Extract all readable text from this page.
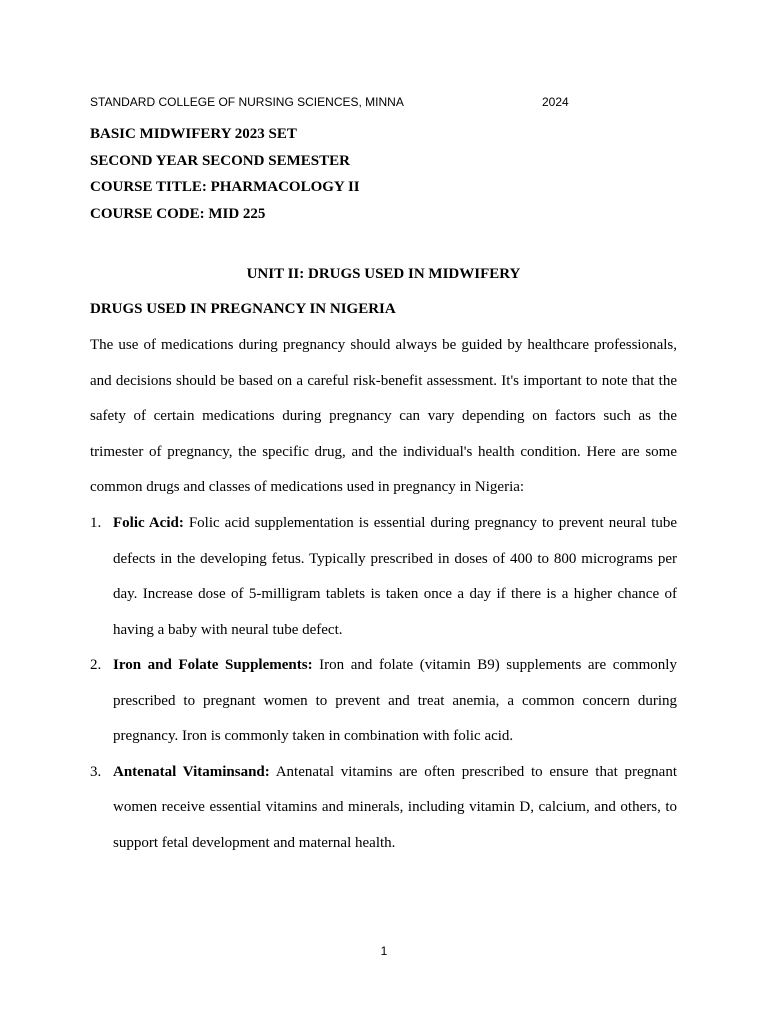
STANDARD COLLEGE OF NURSING SCIENCES, MINNA	2024
BASIC MIDWIFERY 2023 SET
SECOND YEAR SECOND SEMESTER
COURSE TITLE: PHARMACOLOGY II
COURSE CODE: MID 225
UNIT II: DRUGS USED IN MIDWIFERY
DRUGS USED IN PREGNANCY IN NIGERIA

The use of medications during pregnancy should always be guided by healthcare professionals, and decisions should be based on a careful risk-benefit assessment. It's important to note that the safety of certain medications during pregnancy can vary depending on factors such as the trimester of pregnancy, the specific drug, and the individual's health condition. Here are some common drugs and classes of medications used in pregnancy in Nigeria:

1. Folic Acid: Folic acid supplementation is essential during pregnancy to prevent neural tube defects in the developing fetus. Typically prescribed in doses of 400 to 800 micrograms per day. Increase dose of 5-milligram tablets is taken once a day if there is a higher chance of having a baby with neural tube defect.
2. Iron and Folate Supplements: Iron and folate (vitamin B9) supplements are commonly prescribed to pregnant women to prevent and treat anemia, a common concern during pregnancy. Iron is commonly taken in combination with folic acid.
3. Antenatal Vitaminsand: Antenatal vitamins are often prescribed to ensure that pregnant women receive essential vitamins and minerals, including vitamin D, calcium, and others, to support fetal development and maternal health.
1
